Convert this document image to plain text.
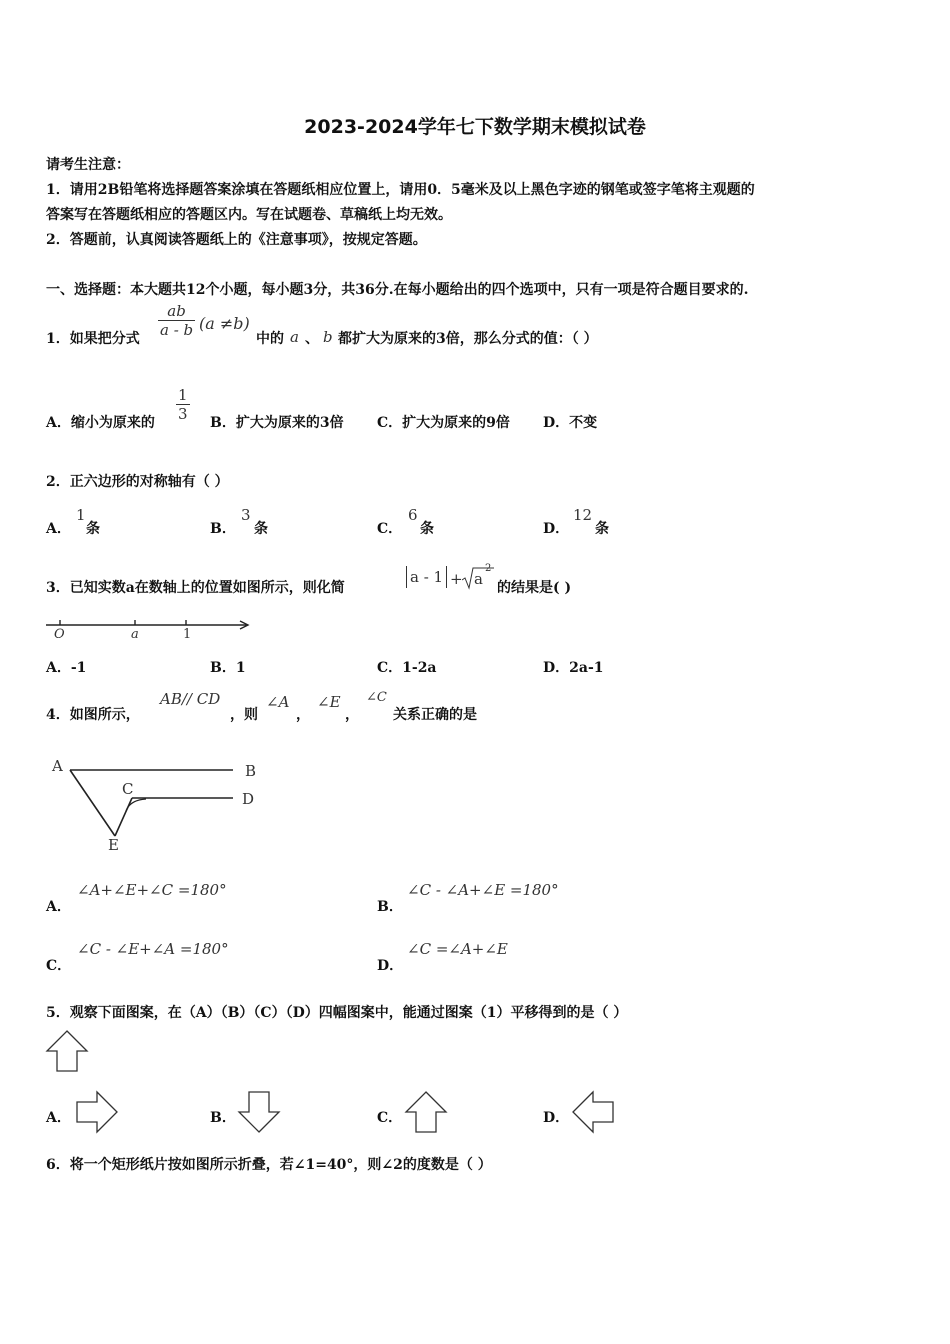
2023-2024学年七下数学期末模拟试卷
请考生注意：
1．请用2B铅笔将选择题答案涂填在答题纸相应位置上，请用0．5毫米及以上黑色字迹的钢笔或签字笔将主观题的
答案写在答题纸相应的答题区内。写在试题卷、草稿纸上均无效。
2．答题前，认真阅读答题纸上的《注意事项》，按规定答题。
一、选择题：本大题共12个小题，每小题3分，共36分.在每小题给出的四个选项中，只有一项是符合题目要求的.
1．如果把分式 $\frac{ab}{a - b} (a \ne b)$
中的 a 、 b 都扩大为原来的3倍，那么分式的值：（ ）
A．缩小为原来的 $\frac{1}{3}$ B．扩大为原来的3倍 C．扩大为原来的9倍 D．不变
2．正六边形的对称轴有（ ）
A．
1
条	B．
3
条	C．
6
条	D．
12
条
3．已知实数a在数轴上的位置如图所示，则化简
a - 1 + a
2
的结果是( )
O	a	1
A．-1	B．1	C．1-2a	D．2a-1
4．如图所示，
AB// CD
，则
∠A
，
∠E
，
∠C
关系正确的是
A	B
C
D
E
A．
∠A+∠E+∠C =180°
B．
∠C - ∠A+∠E =180°
C．
∠C - ∠E+∠A =180°
D．
∠C =∠A+∠E
5．观察下面图案，在（A）（B）（C）（D）四幅图案中，能通过图案（1）平移得到的是（ ）
A．	B．	C．	D．
6．将一个矩形纸片按如图所示折叠，若∠1=40°，则∠2的度数是（ ）
